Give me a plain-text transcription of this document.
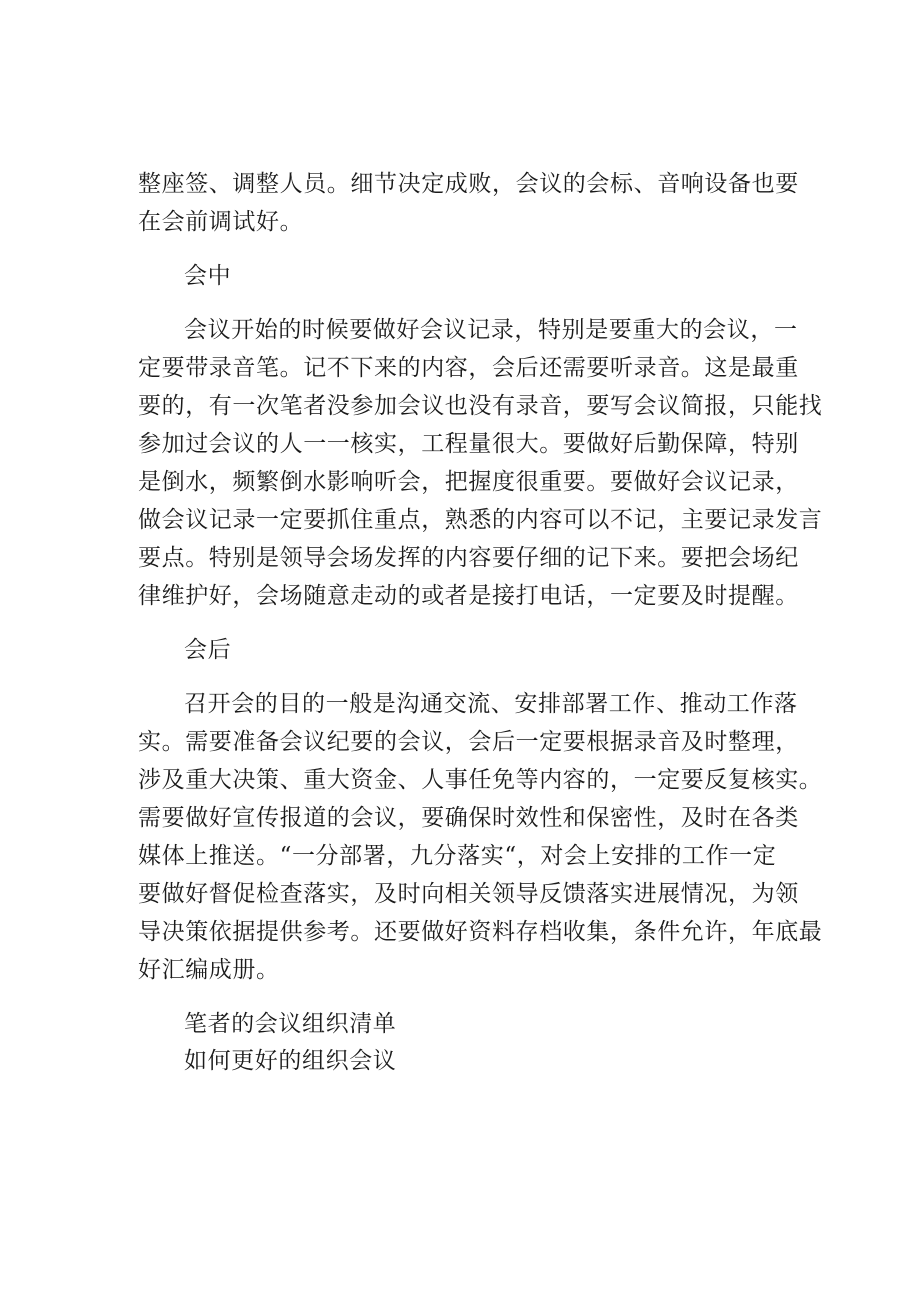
整座签、调整人员。细节决定成败，会议的会标、音响设备也要
在会前调试好。
会中
会议开始的时候要做好会议记录，特别是要重大的会议，一
定要带录音笔。记不下来的内容，会后还需要听录音。这是最重
要的，有一次笔者没参加会议也没有录音，要写会议简报，只能找
参加过会议的人一一核实，工程量很大。要做好后勤保障，特别
是倒水，频繁倒水影响听会，把握度很重要。要做好会议记录，
做会议记录一定要抓住重点，熟悉的内容可以不记，主要记录发言
要点。特别是领导会场发挥的内容要仔细的记下来。要把会场纪
律维护好，会场随意走动的或者是接打电话，一定要及时提醒。
会后
召开会的目的一般是沟通交流、安排部署工作、推动工作落
实。需要准备会议纪要的会议，会后一定要根据录音及时整理，
涉及重大决策、重大资金、人事任免等内容的，一定要反复核实。
需要做好宣传报道的会议，要确保时效性和保密性，及时在各类
媒体上推送。“一分部署，九分落实“，对会上安排的工作一定
要做好督促检查落实，及时向相关领导反馈落实进展情况，为领
导决策依据提供参考。还要做好资料存档收集，条件允许，年底最
好汇编成册。
笔者的会议组织清单
如何更好的组织会议
